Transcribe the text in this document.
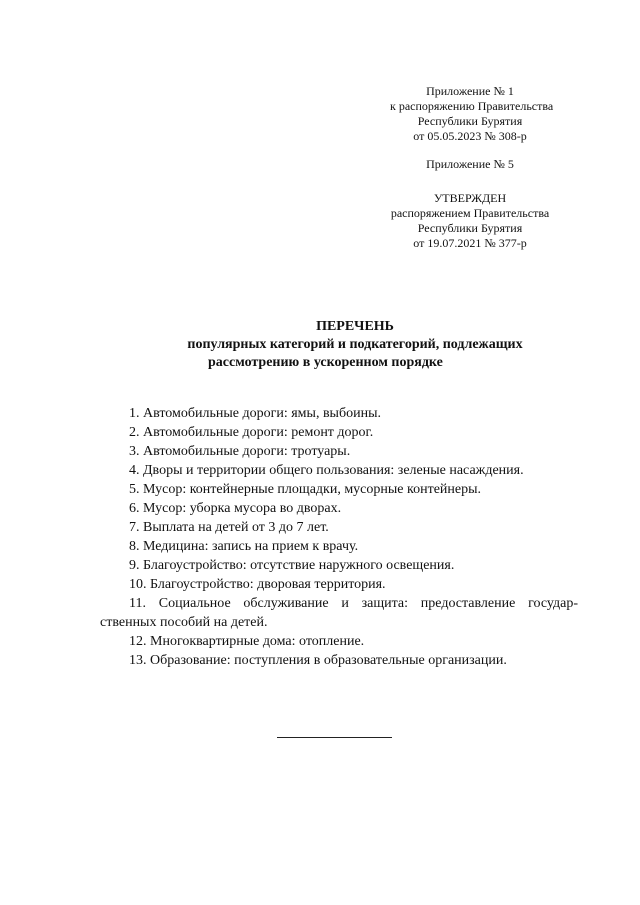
Приложение № 1
к распоряжению Правительства
Республики Бурятия
от 05.05.2023 № 308-р
Приложение № 5
УТВЕРЖДЕН
распоряжением Правительства
Республики Бурятия
от 19.07.2021 № 377-р
ПЕРЕЧЕНЬ
популярных категорий и подкатегорий, подлежащих
рассмотрению в ускоренном порядке
1. Автомобильные дороги: ямы, выбоины.
2. Автомобильные дороги: ремонт дорог.
3. Автомобильные дороги: тротуары.
4. Дворы и территории общего пользования: зеленые насаждения.
5. Мусор: контейнерные площадки, мусорные контейнеры.
6. Мусор: уборка мусора во дворах.
7. Выплата на детей от 3 до 7 лет.
8. Медицина: запись на прием к врачу.
9. Благоустройство: отсутствие наружного освещения.
10. Благоустройство: дворовая территория.
11. Социальное обслуживание и защита: предоставление государ-ственных пособий на детей.
12. Многоквартирные дома: отопление.
13. Образование: поступления в образовательные организации.
